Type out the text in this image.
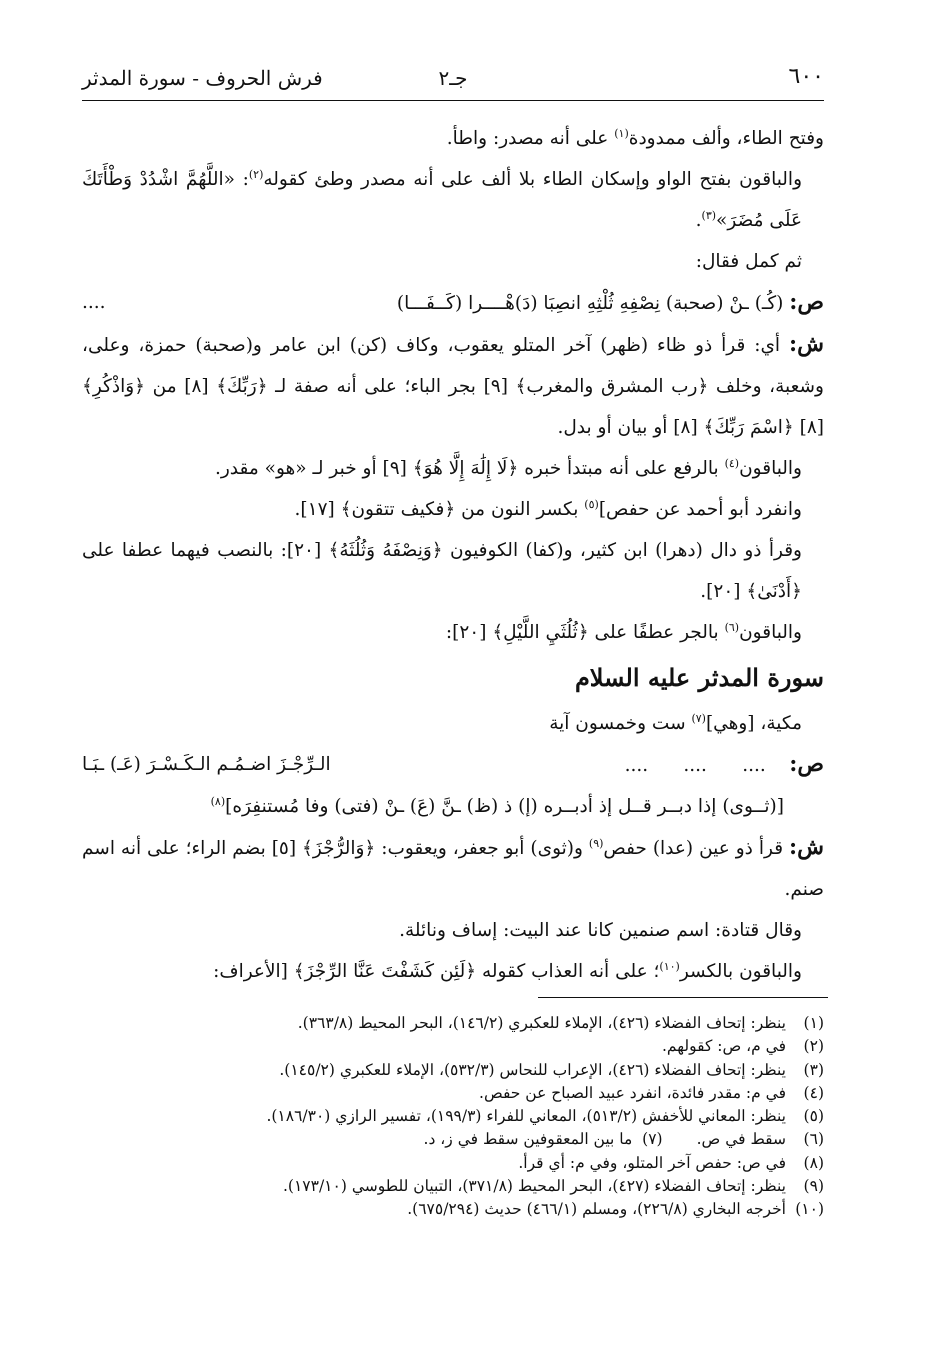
٦٠٠
جـ٢
فرش الحروف - سورة المدثر

وفتح الطاء، وألف ممدودة$^{(١)}$ على أنه مصدر: واطأ.

والباقون بفتح الواو وإسكان الطاء بلا ألف على أنه مصدر وطئ كقوله$^{(٢)}$: «اللَّهُمَّ اشْدُدْ وَطْأَتَكَ عَلَى مُضَرَ»$^{(٣)}$.

ثم كمل فقال:

ص: (كُـ) ـنْ (صحبة) نِصْفِهِ ثُلْثِهِ انصِبَا (دَ)هْــــرا (كَــفَـــا)
....

ش: أي: قرأ ذو ظاء (ظهر) آخر المتلو يعقوب، وكاف (كن) ابن عامر و(صحبة) حمزة، وعلى، وشعبة، وخلف ﴿رب المشرق والمغرب﴾ [٩] بجر الباء؛ على أنه صفة لـ ﴿رَبِّكَ﴾ [٨] من ﴿وَاذْكُرِ﴾ [٨] ﴿اسْمَ رَبِّكَ﴾ [٨] أو بيان أو بدل.

والباقون$^{(٤)}$ بالرفع على أنه مبتدأ خبره ﴿لَا إِلَٰهَ إِلَّا هُوَ﴾ [٩] أو خبر لـ «هو» مقدر.

وانفرد أبو أحمد عن حفص]$^{(٥)}$ بكسر النون من ﴿فكيف تتقون﴾ [١٧].

وقرأ ذو دال (دهرا) ابن كثير، و(كفا) الكوفيون ﴿وَنِصْفَهُ وَثُلُثَهُ﴾ [٢٠]: بالنصب فيهما عطفا على ﴿أَدْنَىٰ﴾ [٢٠].

والباقون$^{(٦)}$ بالجر عطفًا على ﴿ثُلُثَيِ اللَّيْلِ﴾ [٢٠]:

سورة المدثر عليه السلام

مكية، [وهي]$^{(٧)}$ ست وخمسون آية

ص:    ....      ....      ....
الـرِّجْـزَ اضـمُـم الـكَـسْـرَ (عَـ) ـبَـا

[(ثــوى) إذا دبــر قــل إذ أدبــره (إ) ذ (ظ) ـنَّ (عَ) ـنْ (فتى) وفا مُستنفِرَه]$^{(٨)}$

ش: قرأ ذو عين (عدا) حفص$^{(٩)}$ و(ثوى) أبو جعفر، ويعقوب: ﴿وَالرُّجْزَ﴾ [٥] بضم الراء؛ على أنه اسم صنم.

وقال قتادة: اسم صنمين كانا عند البيت: إساف ونائلة.

والباقون بالكسر$^{(١٠)}$؛ على أنه العذاب كقوله ﴿لَئِن كَشَفْتَ عَنَّا الرِّجْزَ﴾ [الأعراف:

(١)
ينظر: إتحاف الفضلاء (٤٢٦)، الإملاء للعكبري (١٤٦/٢)، البحر المحيط (٣٦٣/٨).
(٢)
في م، ص: كقولهم.
(٣)
ينظر: إتحاف الفضلاء (٤٢٦)، الإعراب للنحاس (٥٣٢/٣)، الإملاء للعكبري (١٤٥/٢).
(٤)
في م: مقدر فائدة، انفرد عبيد الصباح عن حفص.
(٥)
ينظر: المعاني للأخفش (٥١٣/٢)، المعاني للفراء (١٩٩/٣)، تفسير الرازي (١٨٦/٣٠).
(٦)
سقط في ص.
(٧)

ما بين المعقوفين سقط في ز، د.
(٨)
في ص: حفص آخر المتلو، وفي م: أي قرأ.
(٩)
ينظر: إتحاف الفضلاء (٤٢٧)، البحر المحيط (٣٧١/٨)، التبيان للطوسي (١٧٣/١٠).
(١٠)
أخرجه البخاري (٢٢٦/٨)، ومسلم (٤٦٦/١) حديث (٦٧٥/٢٩٤).
